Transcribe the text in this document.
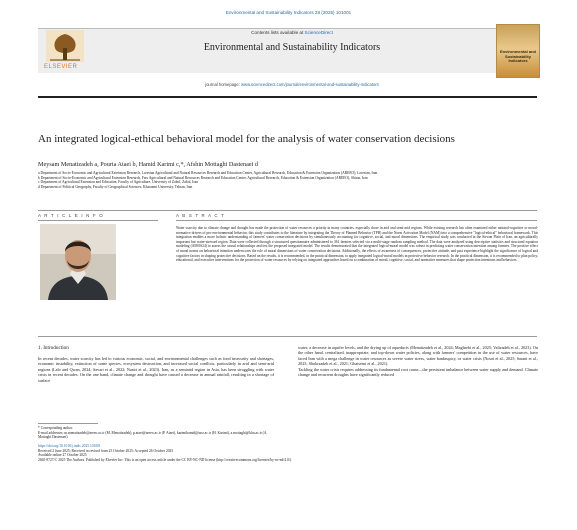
Environmental and Sustainability Indicators 28 (2025) 101001
ELSEVIER
Contents lists available at ScienceDirect
Environmental and Sustainability Indicators	Environmental and Sustainability Indicators
journal homepage: www.sciencedirect.com/journal/environmental-and-sustainability-indicators
An integrated logical-ethical behavioral model for the analysis of water conservation decisions
Meysam Menatizadeh a, Pouria Ataei b, Hamid Karimi c,*, Afshin Mottaghi Dastenaei d
a Department of Socio-Economic and Agricultural Extension Research, Lorestan Agricultural and Natural Resources Research and Education Center, Agricultural Research, Education & Extension Organization (AREEO), Lorestan, Iran
b Department of Socio-Economic and Agricultural Extension Research, Fars Agricultural and Natural Resources Research and Education Center, Agricultural Research, Education & Extension Organization (AREEO), Shiraz, Iran
c Department of Agricultural Extension and Education, Faculty of Agriculture, University of Zabol, Zabol, Iran
d Department of Political Geography, Faculty of Geographical Sciences, Kharazmi University, Tehran, Iran
A R T I C L E I N F O	A B S T R A C T
Water scarcity due to climate change and drought has made the protection of water resources a priority in many countries, especially those in arid and semi-arid regions. While existing research has often examined either rational-cognitive or moral-normative drivers of pro-environmental behavior, this study contributes to the literature by integrating the Theory of Planned Behavior (TPB) and the Norm Activation Model (NAM) into a comprehensive "logical-ethical" behavioral framework. This integration enables a more holistic understanding of farmers' water conservation decisions by simultaneously accounting for cognitive, social, and moral dimensions. The empirical study was conducted in the Sirwan Plain of Iran, an agriculturally important but water-stressed region. Data were collected through a structured questionnaire administered to 361 farmers selected via a multi-stage random sampling method. The data were analyzed using descriptive statistics and structural equation modeling (AMOS24) to assess the causal relationships and test the proposed integrated model. The results demonstrated that the integrated logical-moral model was robust in predicting water conservation intention among farmers. The positive effect of moral norms on behavioral intention underscores the role of moral dimensions of water conservation decisions. Additionally, the effects of awareness of consequences, protective attitude, and past experience highlight the significance of logical and cognitive factors in shaping protective decisions. Based on the results, it is recommended, in the practical dimension, to apply integrated logical-moral models in protective behavior research. In the practical dimension, it is recommended to plan policy, educational, and executive interventions for the protection of water resources by relying on integrated approaches based on a combination of moral, cognitive, social, and normative measures that shape protection intentions and behaviors.
1. Introduction
In recent decades, water scarcity has led to various economic, social, and environmental challenges such as food insecurity and shortages, economic instability, extinction of some species, ecosystem destruction, and increased social conflicts, particularly in arid and semi-arid regions (Lalo and Qwan, 2024; Savari et al., 2022; Nasiri et al., 2023). Iran, as a semiarid region in Asia, has been struggling with water crisis in recent decades. On the one hand, climate change and drought have caused a decrease in annual rainfall, resulting in a shortage of surface
water, a decrease in aquifer levels, and the drying up of aqueducts (Menatizadeh et al., 2024; Maghrebi et al., 2025; Valizadeh et al., 2023). On the other hand, centralized, inappropriate, and top-down water policies, along with farmers' competition in the use of water resources, have faced Iran with a mega challenge in water resources as severe water stress, water bankruptcy, or water crisis (Nouri et al., 2025; Sarani et al., 2025; Shokrzadeh et al., 2021; Ghaisemi et al., 2021).
Tackling the water crisis requires addressing its fundamental root cause—the persistent imbalance between water supply and demand. Climate change and recurrent droughts have significantly reduced
* Corresponding author.
E-mail addresses: m.menatizadeh@areeo.ac.ir (M. Menatizadeh), p.ataei@areeo.ac.ir (P. Ataei), karimihamid@uoz.ac.ir (H. Karimi), a.mottaghi@khu.ac.ir (A. Mottaghi Dastenaei).
https://doi.org/10.1016/j.indic.2025.101001
Received 2 June 2025; Received in revised form 23 October 2025; Accepted 26 October 2025
Available online 27 October 2025
2665-9727/© 2025 The Authors. Published by Elsevier Inc. This is an open access article under the CC BY-NC-ND license (http://creativecommons.org/licenses/by-nc-nd/4.0/).
